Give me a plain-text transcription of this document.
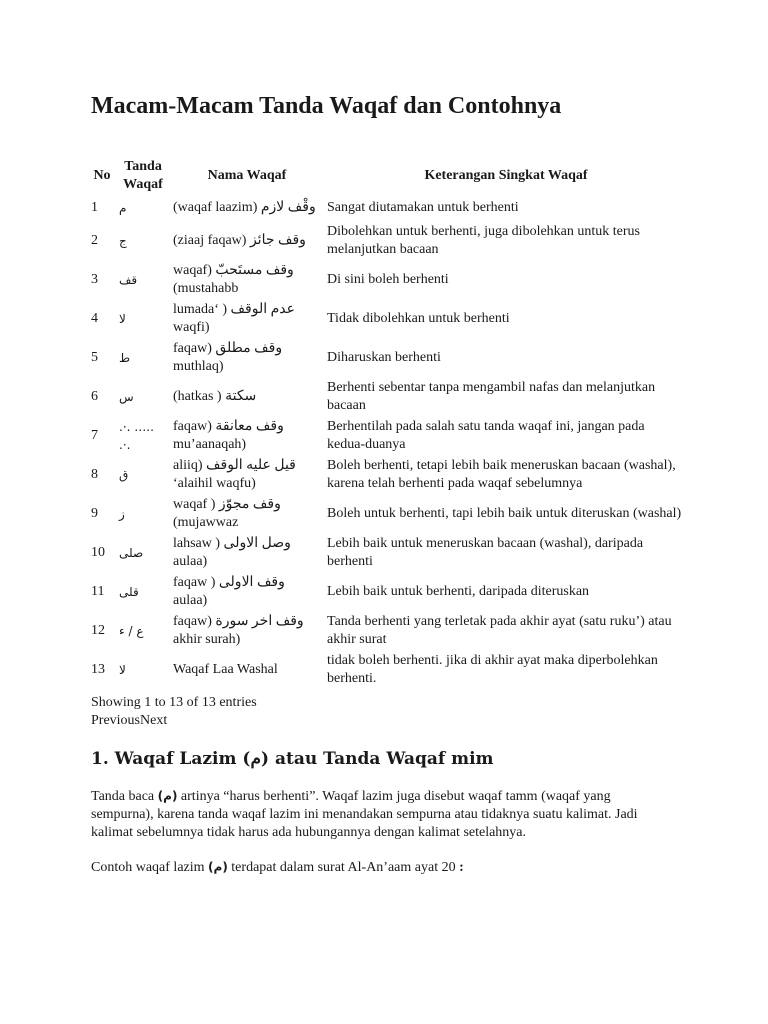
Macam-Macam Tanda Waqaf dan Contohnya
No	Tanda Waqaf	Nama Waqaf	Keterangan Singkat Waqaf
1	م	وقْف لازم (waqaf laazim)	Sangat diutamakan untuk berhenti
2	ج	(ziaaj faqaw) وقف جائز	Dibolehkan untuk berhenti, juga dibolehkan untuk terus melanjutkan bacaan
3	قف	وقف مستَحبّ (waqaf mustahabb)	Di sini boleh berhenti
4	لا	lumada‘ ) عدم الوقف waqfi)	Tidak dibolehkan untuk berhenti
5	ط	faqaw) وقف مطلق muthlaq)	Diharuskan berhenti
6	س	(hatkas ) سكتة	Berhenti sebentar tanpa mengambil nafas dan melanjutkan bacaan
7	.·. ….. .·.	faqaw) وقف معانقة mu’aanaqah)	Berhentilah pada salah satu tanda waqaf ini, jangan pada kedua-duanya
8	ق	aliiq) قيل عليه الوقف ‘alaihil waqfu)	Boleh berhenti, tetapi lebih baik meneruskan bacaan (washal), karena telah berhenti pada waqaf sebelumnya
9	ز	وقف مجوّز ( waqaf mujawwaz)	Boleh untuk berhenti, tapi lebih baik untuk diteruskan (washal)
10	صلى	lahsaw ) وصل الاولى aulaa)	Lebih baik untuk meneruskan bacaan (washal), daripada berhenti
11	قلى	faqaw ) وقف الاولى aulaa)	Lebih baik untuk berhenti, daripada diteruskan
12	ع / ء	faqaw) وقف اخر سورة akhir surah)	Tanda berhenti yang terletak pada akhir ayat (satu ruku’) atau akhir surat
13	لا	Waqaf Laa Washal	tidak boleh berhenti. jika di akhir ayat maka diperbolehkan berhenti.
Showing 1 to 13 of 13 entries
PreviousNext
1. Waqaf Lazim (م) atau Tanda Waqaf mim

Tanda baca (م) artinya “harus berhenti”. Waqaf lazim juga disebut waqaf tamm (waqaf yang sempurna), karena tanda waqaf lazim ini menandakan sempurna atau tidaknya suatu kalimat. Jadi kalimat sebelumnya tidak harus ada hubungannya dengan kalimat setelahnya.

Contoh waqaf lazim (م) terdapat dalam surat Al-An’aam ayat 20 :
